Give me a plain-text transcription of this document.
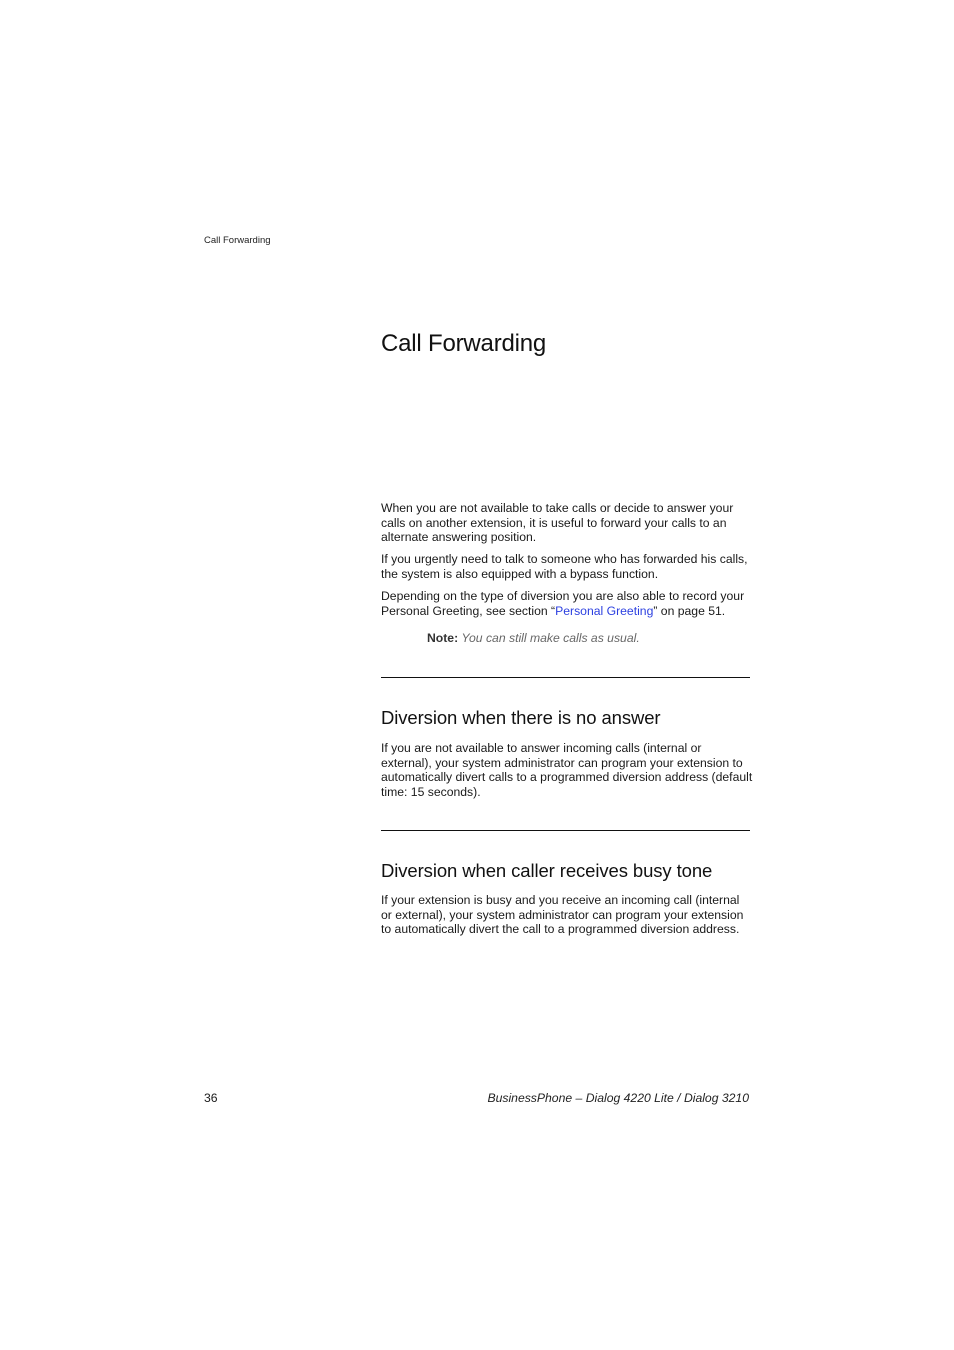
Call Forwarding
Call Forwarding

When you are not available to take calls or decide to answer your calls on another extension, it is useful to forward your calls to an alternate answering position.

If you urgently need to talk to someone who has forwarded his calls, the system is also equipped with a bypass function.

Depending on the type of diversion you are also able to record your Personal Greeting, see section “Personal Greeting” on page 51.

Note: You can still make calls as usual.
Diversion when there is no answer

If you are not available to answer incoming calls (internal or external), your system administrator can program your extension to automatically divert calls to a programmed diversion address (default time: 15 seconds).

Diversion when caller receives busy tone

If your extension is busy and you receive an incoming call (internal or external), your system administrator can program your extension to automatically divert the call to a programmed diversion address.

36	BusinessPhone – Dialog 4220 Lite / Dialog 3210
